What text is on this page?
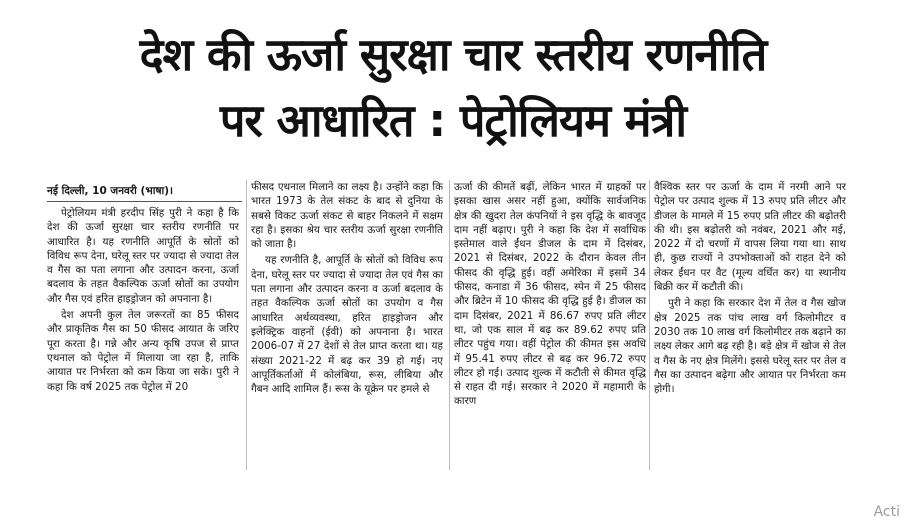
देश की ऊर्जा सुरक्षा चार स्तरीय रणनीति
पर आधारित : पेट्रोलियम मंत्री
नई दिल्ली, 10 जनवरी (भाषा)।

पेट्रोलियम मंत्री हरदीप सिंह पुरी ने कहा है कि देश की ऊर्जा सुरक्षा चार स्तरीय रणनीति पर आधारित है। यह रणनीति आपूर्ति के स्रोतों को विविध रूप देना, घरेलू स्तर पर ज्यादा से ज्यादा तेल व गैस का पता लगाना और उत्पादन करना, ऊर्जा बदलाव के तहत वैकल्पिक ऊर्जा स्रोतों का उपयोग और गैस एवं हरित हाइड्रोजन को अपनाना है।

देश अपनी कुल तेल जरूरतों का 85 फीसद और प्राकृतिक गैस का 50 फीसद आयात के जरिए पूरा करता है। गन्ने और अन्य कृषि उपज से प्राप्त एथनाल को पेट्रोल में मिलाया जा रहा है, ताकि आयात पर निर्भरता को कम किया जा सके। पुरी ने कहा कि वर्ष 2025 तक पेट्रोल में 20

फीसद एथनाल मिलाने का लक्ष्य है। उन्होंने कहा कि भारत 1973 के तेल संकट के बाद से दुनिया के सबसे विकट ऊर्जा संकट से बाहर निकलने में सक्षम रहा है। इसका श्रेय चार स्तरीय ऊर्जा सुरक्षा रणनीति को जाता है।

यह रणनीति है, आपूर्ति के स्रोतों को विविध रूप देना, घरेलू स्तर पर ज्यादा से ज्यादा तेल एवं गैस का पता लगाना और उत्पादन करना व ऊर्जा बदलाव के तहत वैकल्पिक ऊर्जा स्रोतों का उपयोग व गैस आधारित अर्थव्यवस्था, हरित हाइड्रोजन और इलेक्ट्रिक वाहनों (ईवी) को अपनाना है। भारत 2006-07 में 27 देशों से तेल प्राप्त करता था। यह संख्या 2021-22 में बढ़ कर 39 हो गई। नए आपूर्तिकर्ताओं में कोलंबिया, रूस, लीबिया और गैबन आदि शामिल हैं। रूस के यूक्रेन पर हमले से

ऊर्जा की कीमतें बढ़ीं, लेकिन भारत में ग्राहकों पर इसका खास असर नहीं हुआ, क्योंकि सार्वजनिक क्षेत्र की खुदरा तेल कंपनियों ने इस वृद्धि के बावजूद दाम नहीं बढ़ाए। पुरी ने कहा कि देश में सर्वाधिक इस्तेमाल वाले ईंधन डीजल के दाम में दिसंबर, 2021 से दिसंबर, 2022 के दौरान केवल तीन फीसद की वृद्धि हुई। वहीं अमेरिका में इसमें 34 फीसद, कनाडा में 36 फीसद, स्पेन में 25 फीसद और ब्रिटेन में 10 फीसद की वृद्धि हुई है। डीजल का दाम दिसंबर, 2021 में 86.67 रुपए प्रति लीटर था, जो एक साल में बढ़ कर 89.62 रुपए प्रति लीटर पहुंच गया। वहीं पेट्रोल की कीमत इस अवधि में 95.41 रुपए लीटर से बढ़ कर 96.72 रुपए लीटर हो गई। उत्पाद शुल्क में कटौती से कीमत वृद्धि से राहत दी गई। सरकार ने 2020 में महामारी के कारण

वैश्विक स्तर पर ऊर्जा के दाम में नरमी आने पर पेट्रोल पर उत्पाद शुल्क में 13 रुपए प्रति लीटर और डीजल के मामले में 15 रुपए प्रति लीटर की बढ़ोतरी की थी। इस बढ़ोतरी को नवंबर, 2021 और मई, 2022 में दो चरणों में वापस लिया गया था। साथ ही, कुछ राज्यों ने उपभोक्ताओं को राहत देने को लेकर ईंधन पर वैट (मूल्य वर्धित कर) या स्थानीय बिक्री कर में कटौती की।

पुरी ने कहा कि सरकार देश में तेल व गैस खोज क्षेत्र 2025 तक पांच लाख वर्ग किलोमीटर व 2030 तक 10 लाख वर्ग किलोमीटर तक बढ़ाने का लक्ष्य लेकर आगे बढ़ रही है। बड़े क्षेत्र में खोज से तेल व गैस के नए क्षेत्र मिलेंगे। इससे घरेलू स्तर पर तेल व गैस का उत्पादन बढ़ेगा और आयात पर निर्भरता कम होगी।

Acti
